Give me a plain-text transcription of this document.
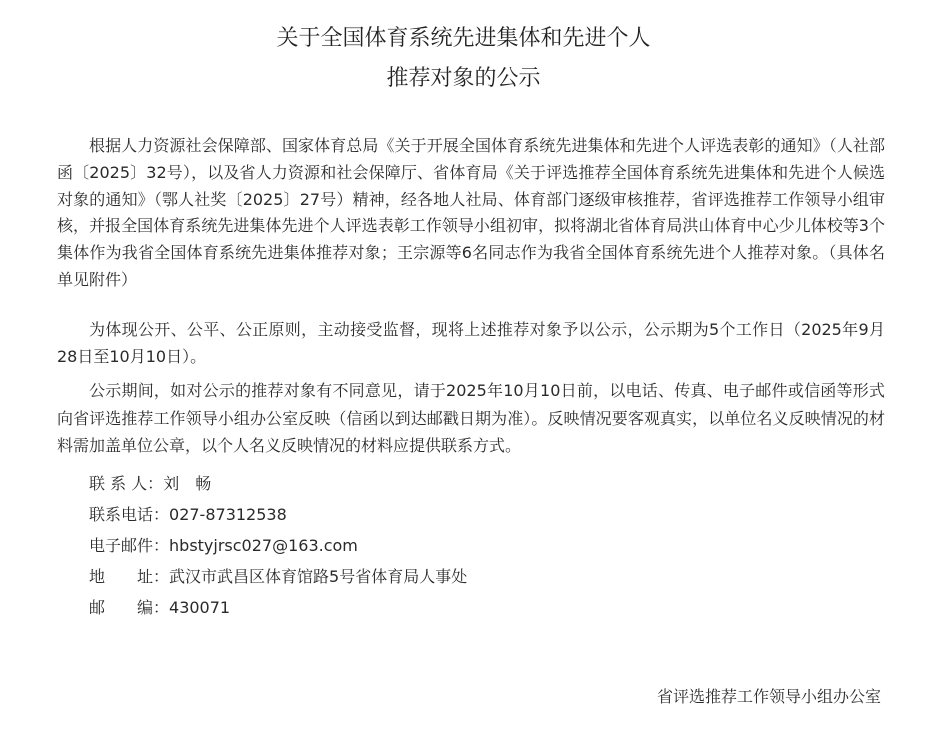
关于全国体育系统先进集体和先进个人
推荐对象的公示

根据人力资源社会保障部、国家体育总局《关于开展全国体育系统先进集体和先进个人评选表彰的通知》（人社部函〔2025〕32号），以及省人力资源和社会保障厅、省体育局《关于评选推荐全国体育系统先进集体和先进个人候选对象的通知》（鄂人社奖〔2025〕27号）精神，经各地人社局、体育部门逐级审核推荐，省评选推荐工作领导小组审核，并报全国体育系统先进集体先进个人评选表彰工作领导小组初审，拟将湖北省体育局洪山体育中心少儿体校等3个集体作为我省全国体育系统先进集体推荐对象；王宗源等6名同志作为我省全国体育系统先进个人推荐对象。（具体名单见附件）

为体现公开、公平、公正原则，主动接受监督，现将上述推荐对象予以公示，公示期为5个工作日（2025年9月28日至10月10日）。

公示期间，如对公示的推荐对象有不同意见，请于2025年10月10日前，以电话、传真、电子邮件或信函等形式向省评选推荐工作领导小组办公室反映（信函以到达邮戳日期为准）。反映情况要客观真实，以单位名义反映情况的材料需加盖单位公章，以个人名义反映情况的材料应提供联系方式。

联 系 人：刘　畅
联系电话：027-87312538
电子邮件：hbstyjrsc027@163.com
地　　址：武汉市武昌区体育馆路5号省体育局人事处
邮　　编：430071
省评选推荐工作领导小组办公室
